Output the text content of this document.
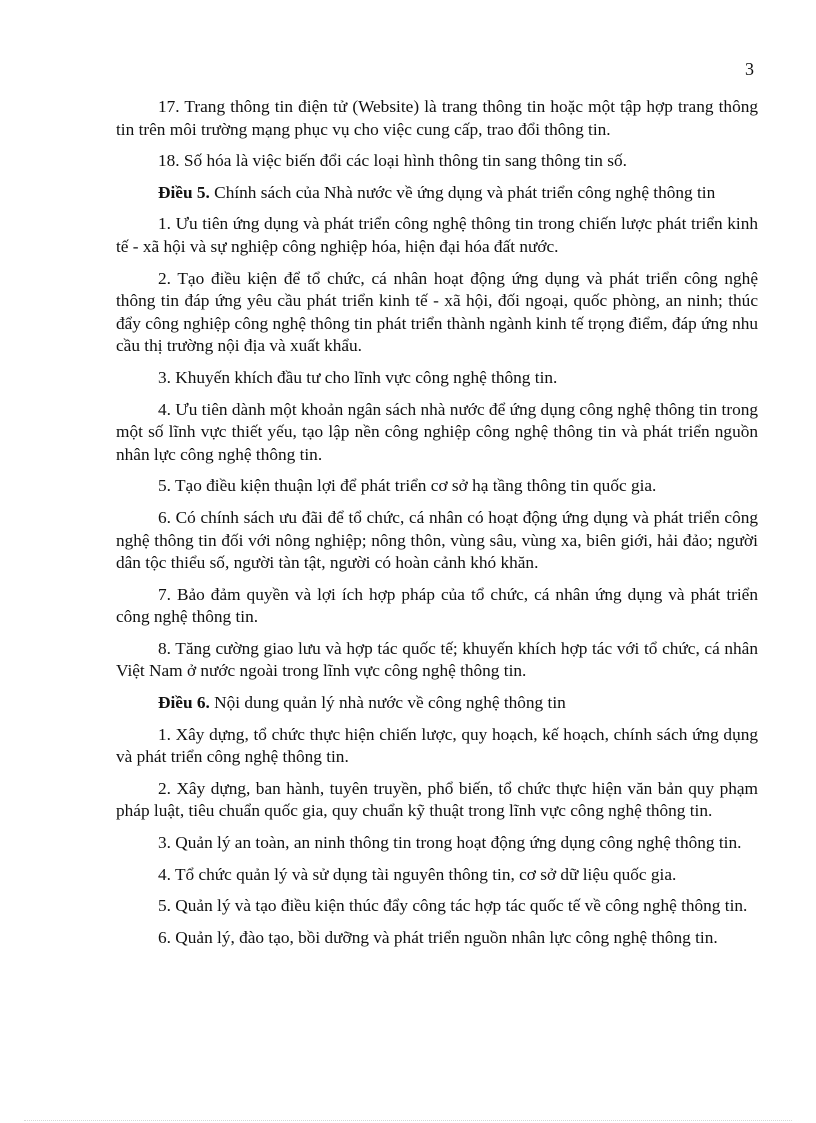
3

17. Trang thông tin điện tử (Website) là trang thông tin hoặc một tập hợp trang thông tin trên môi trường mạng phục vụ cho việc cung cấp, trao đổi thông tin.

18. Số hóa là việc biến đổi các loại hình thông tin sang thông tin số.

Điều 5. Chính sách của Nhà nước về ứng dụng và phát triển công nghệ thông tin

1. Ưu tiên ứng dụng và phát triển công nghệ thông tin trong chiến lược phát triển kinh tế - xã hội và sự nghiệp công nghiệp hóa, hiện đại hóa đất nước.

2. Tạo điều kiện để tổ chức, cá nhân hoạt động ứng dụng và phát triển công nghệ thông tin đáp ứng yêu cầu phát triển kinh tế - xã hội, đối ngoại, quốc phòng, an ninh; thúc đẩy công nghiệp công nghệ thông tin phát triển thành ngành kinh tế trọng điểm, đáp ứng nhu cầu thị trường nội địa và xuất khẩu.

3. Khuyến khích đầu tư cho lĩnh vực công nghệ thông tin.

4. Ưu tiên dành một khoản ngân sách nhà nước để ứng dụng công nghệ thông tin trong một số lĩnh vực thiết yếu, tạo lập nền công nghiệp công nghệ thông tin và phát triển nguồn nhân lực công nghệ thông tin.

5. Tạo điều kiện thuận lợi để phát triển cơ sở hạ tầng thông tin quốc gia.

6. Có chính sách ưu đãi để tổ chức, cá nhân có hoạt động ứng dụng và phát triển công nghệ thông tin đối với nông nghiệp; nông thôn, vùng sâu, vùng xa, biên giới, hải đảo; người dân tộc thiểu số, người tàn tật, người có hoàn cảnh khó khăn.

7. Bảo đảm quyền và lợi ích hợp pháp của tổ chức, cá nhân ứng dụng và phát triển công nghệ thông tin.

8. Tăng cường giao lưu và hợp tác quốc tế; khuyến khích hợp tác với tổ chức, cá nhân Việt Nam ở nước ngoài trong lĩnh vực công nghệ thông tin.

Điều 6. Nội dung quản lý nhà nước về công nghệ thông tin

1. Xây dựng, tổ chức thực hiện chiến lược, quy hoạch, kế hoạch, chính sách ứng dụng và phát triển công nghệ thông tin.

2. Xây dựng, ban hành, tuyên truyền, phổ biến, tổ chức thực hiện văn bản quy phạm pháp luật, tiêu chuẩn quốc gia, quy chuẩn kỹ thuật trong lĩnh vực công nghệ thông tin.

3. Quản lý an toàn, an ninh thông tin trong hoạt động ứng dụng công nghệ thông tin.

4. Tổ chức quản lý và sử dụng tài nguyên thông tin, cơ sở dữ liệu quốc gia.

5. Quản lý và tạo điều kiện thúc đẩy công tác hợp tác quốc tế về công nghệ thông tin.

6. Quản lý, đào tạo, bồi dưỡng và phát triển nguồn nhân lực công nghệ thông tin.
